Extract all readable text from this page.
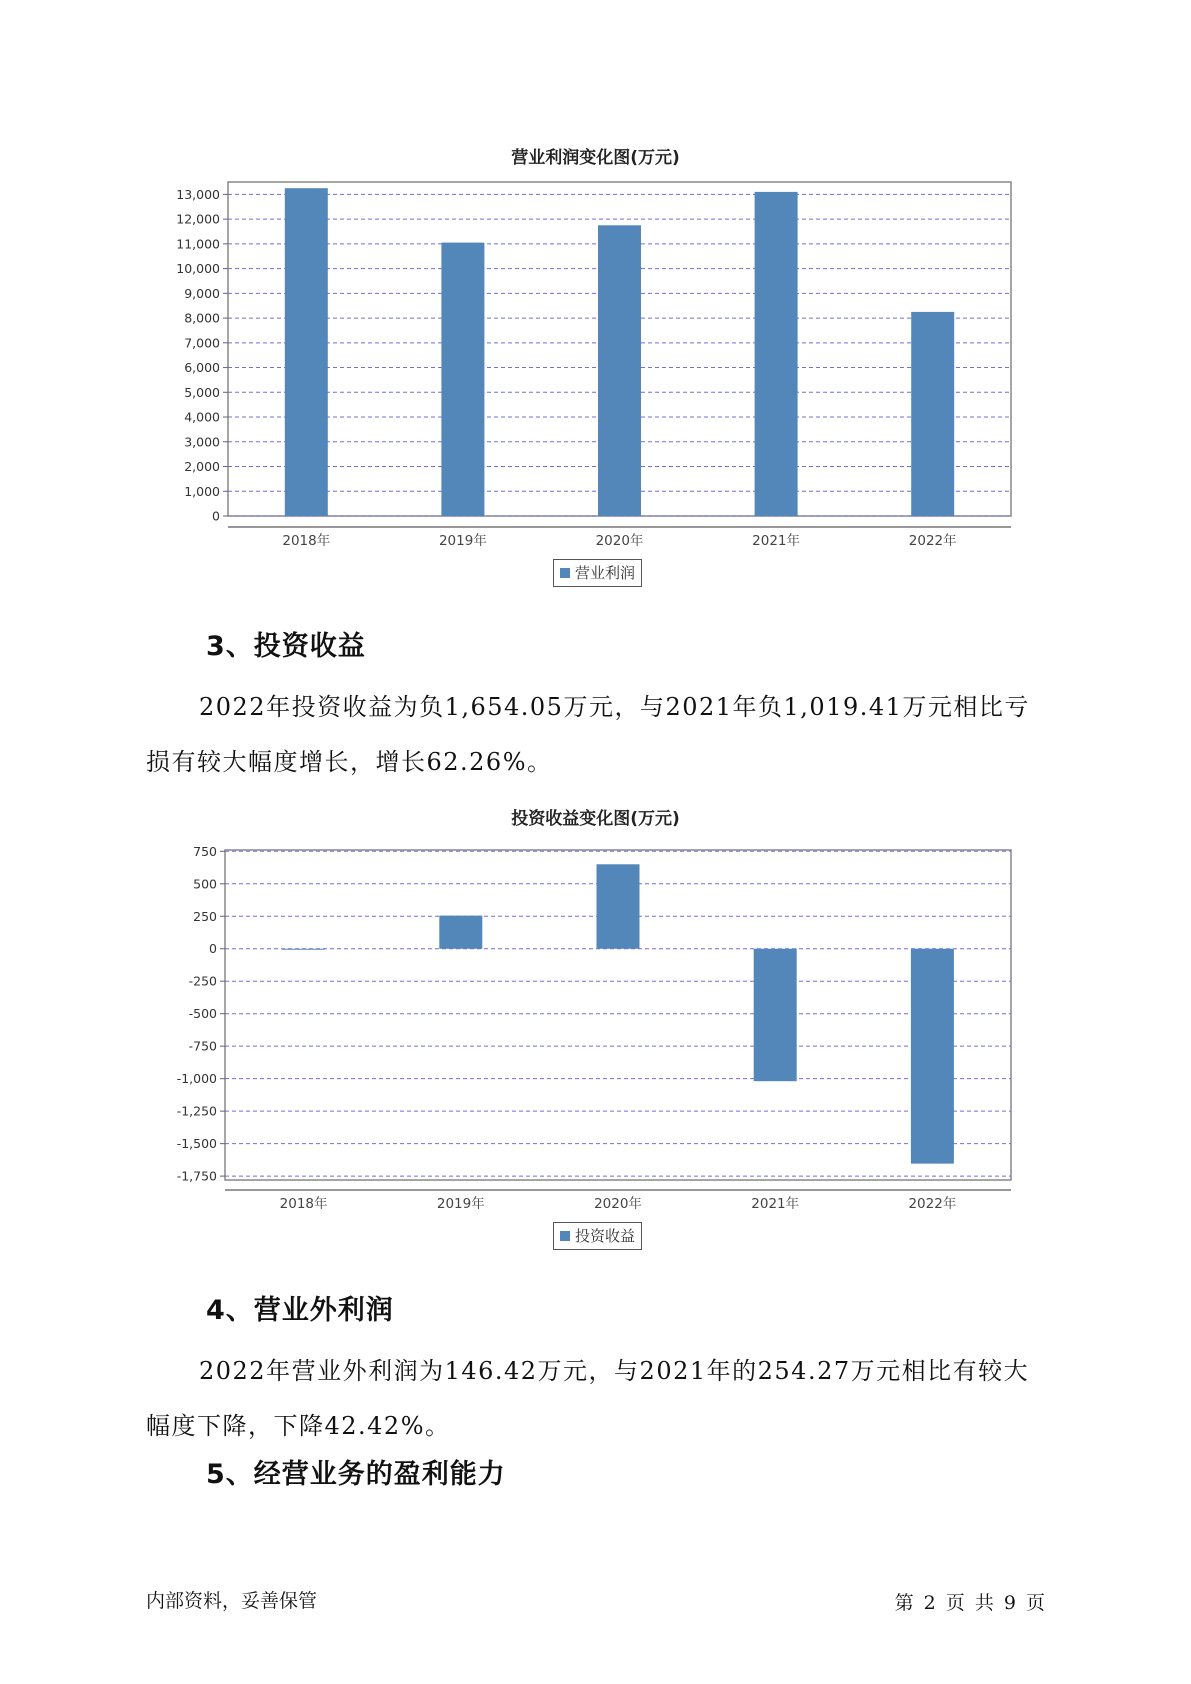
营业利润变化图(万元)
0
1,000
2,000
3,000
4,000
5,000
6,000
7,000
8,000
9,000
10,000
11,000
12,000
13,000
2018年	2019年	2020年	2021年	2022年
营业利润
3、投资收益
2022年投资收益为负1,654.05万元，与2021年负1,019.41万元相比亏
损有较大幅度增长，增长62.26%。
投资收益变化图(万元)
750
500
250
0
-250
-500
-750
-1,000
-1,250
-1,500
-1,750
2018年	2019年	2020年	2021年	2022年
投资收益
4、营业外利润
2022年营业外利润为146.42万元，与2021年的254.27万元相比有较大
幅度下降，下降42.42%。
5、经营业务的盈利能力
内部资料，妥善保管	第 2 页 共 9 页
